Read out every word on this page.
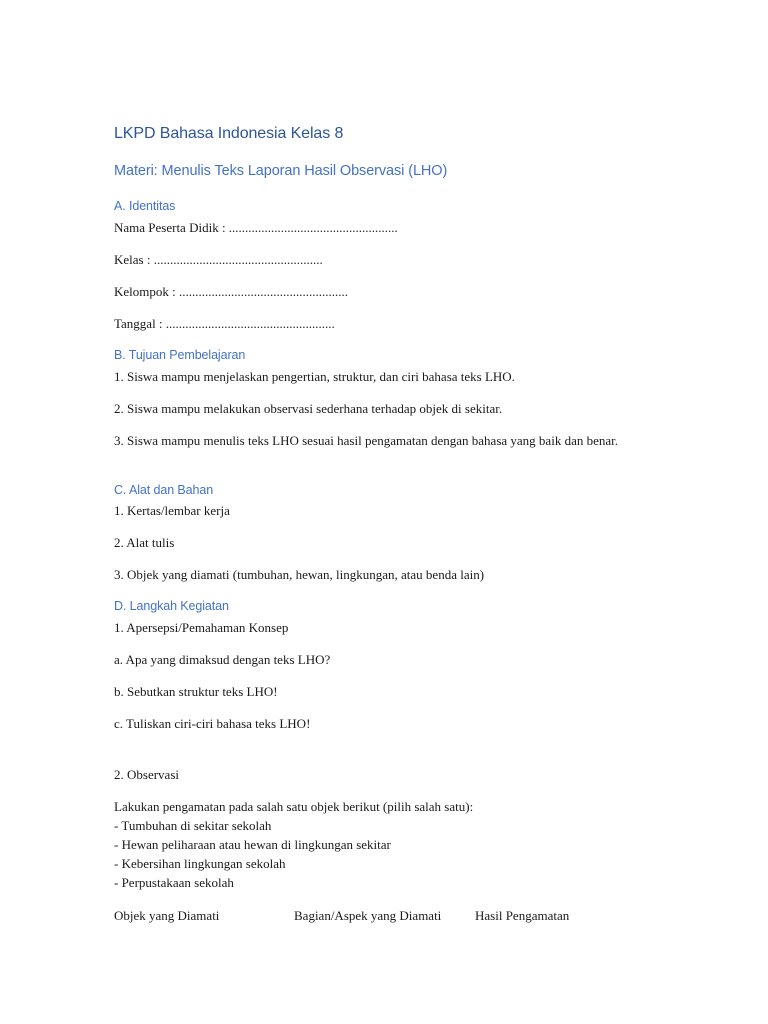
LKPD Bahasa Indonesia Kelas 8
Materi: Menulis Teks Laporan Hasil Observasi (LHO)
A. Identitas
Nama Peserta Didik : ....................................................
Kelas : ....................................................
Kelompok : ....................................................
Tanggal : ....................................................
B. Tujuan Pembelajaran
1. Siswa mampu menjelaskan pengertian, struktur, dan ciri bahasa teks LHO.
2. Siswa mampu melakukan observasi sederhana terhadap objek di sekitar.
3. Siswa mampu menulis teks LHO sesuai hasil pengamatan dengan bahasa yang baik dan benar.
C. Alat dan Bahan
1. Kertas/lembar kerja
2. Alat tulis
3. Objek yang diamati (tumbuhan, hewan, lingkungan, atau benda lain)
D. Langkah Kegiatan
1. Apersepsi/Pemahaman Konsep
a. Apa yang dimaksud dengan teks LHO?
b. Sebutkan struktur teks LHO!
c. Tuliskan ciri-ciri bahasa teks LHO!
2. Observasi
Lakukan pengamatan pada salah satu objek berikut (pilih salah satu):
- Tumbuhan di sekitar sekolah
- Hewan peliharaan atau hewan di lingkungan sekitar
- Kebersihan lingkungan sekolah
- Perpustakaan sekolah
Objek yang Diamati	Bagian/Aspek yang Diamati	Hasil Pengamatan
